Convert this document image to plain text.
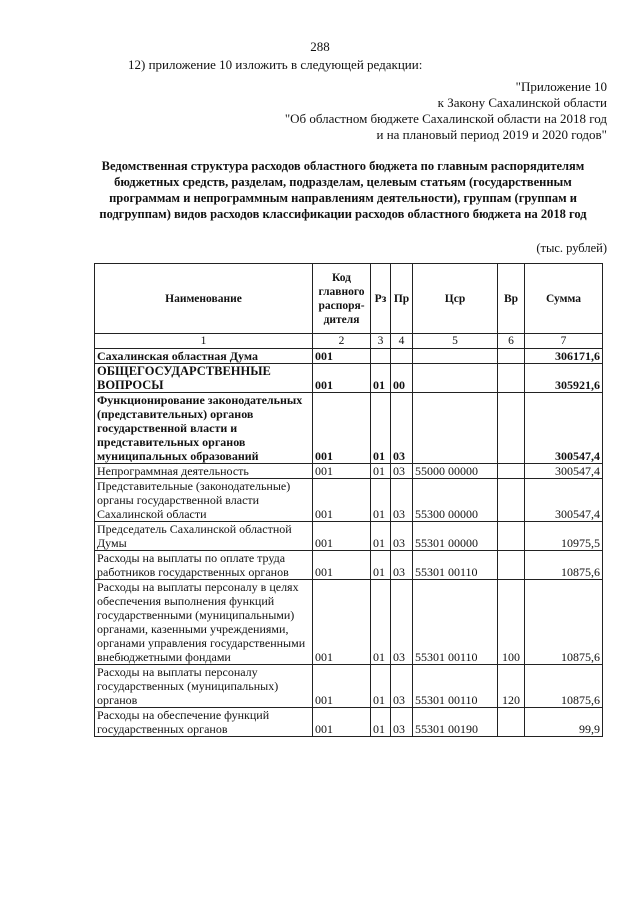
288
12) приложение 10 изложить в следующей редакции:
"Приложение 10
к Закону Сахалинской области
"Об областном бюджете Сахалинской области на 2018 год
и на плановый период 2019 и 2020 годов"
Ведомственная структура расходов областного бюджета по главным распорядителям
бюджетных средств, разделам, подразделам, целевым статьям (государственным
программам и непрограммным направлениям деятельности), группам (группам и
подгруппам) видов расходов классификации расходов областного бюджета на 2018 год
(тыс. рублей)
Наименование	Код главного распоря-дителя	Рз	Пр	Цср	Вр	Сумма
1	2	3	4	5	6	7
Сахалинская областная Дума	001					306171,6
ОБЩЕГОСУДАРСТВЕННЫЕ ВОПРОСЫ	001	01	00			305921,6
Функционирование законодательных (представительных) органов государственной власти и представительных органов муниципальных образований	001	01	03			300547,4
Непрограммная деятельность	001	01	03	55000 00000		300547,4
Представительные (законодательные) органы государственной власти Сахалинской области	001	01	03	55300 00000		300547,4
Председатель Сахалинской областной Думы	001	01	03	55301 00000		10975,5
Расходы на выплаты по оплате труда работников государственных органов	001	01	03	55301 00110		10875,6
Расходы на выплаты персоналу в целях обеспечения выполнения функций государственными (муниципальными) органами, казенными учреждениями, органами управления государственными внебюджетными фондами	001	01	03	55301 00110	100	10875,6
Расходы на выплаты персоналу государственных (муниципальных) органов	001	01	03	55301 00110	120	10875,6
Расходы на обеспечение функций государственных органов	001	01	03	55301 00190		99,9
